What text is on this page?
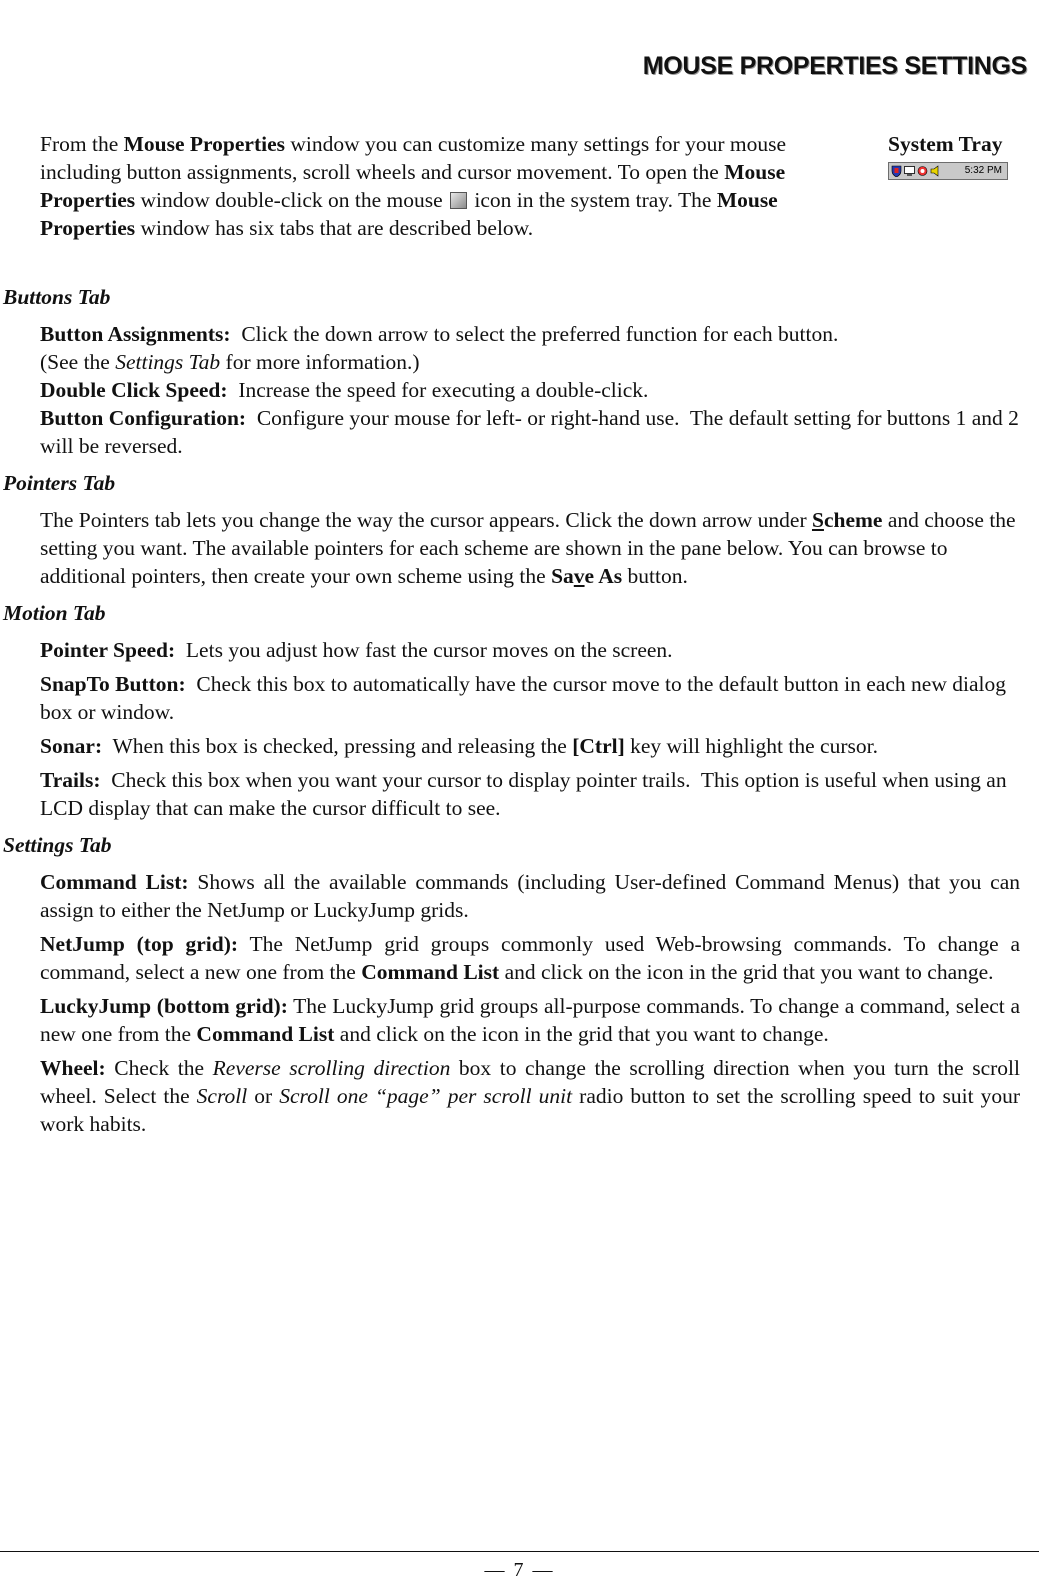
MOUSE PROPERTIES SETTINGS
From the Mouse Properties window you can customize many settings for your mouse including button assignments, scroll wheels and cursor movement. To open the Mouse Properties window double-click on the mouse  icon in the system tray. The Mouse Properties window has six tabs that are described below.
System Tray
5:32 PM
Buttons Tab
Button Assignments:  Click the down arrow to select the preferred function for each button.
(See the Settings Tab for more information.)
Double Click Speed:  Increase the speed for executing a double-click.
Button Configuration:  Configure your mouse for left- or right-hand use.  The default setting for buttons 1 and 2 will be reversed.
Pointers Tab
The Pointers tab lets you change the way the cursor appears. Click the down arrow under Scheme and choose the setting you want. The available pointers for each scheme are shown in the pane below. You can browse to additional pointers, then create your own scheme using the Save As button.
Motion Tab
Pointer Speed:  Lets you adjust how fast the cursor moves on the screen.
SnapTo Button:  Check this box to automatically have the cursor move to the default button in each new dialog box or window.
Sonar:  When this box is checked, pressing and releasing the [Ctrl] key will highlight the cursor.
Trails:  Check this box when you want your cursor to display pointer trails.  This option is useful when using an LCD display that can make the cursor difficult to see.
Settings Tab
Command List: Shows all the available commands (including User-defined Command Menus) that you can assign to either the NetJump or LuckyJump grids.
NetJump (top grid): The NetJump grid groups commonly used Web-browsing commands. To change a command, select a new one from the Command List and click on the icon in the grid that you want to change.
LuckyJump (bottom grid): The LuckyJump grid groups all-purpose commands. To change a command, select a new one from the Command List and click on the icon in the grid that you want to change.
Wheel: Check the Reverse scrolling direction box to change the scrolling direction when you turn the scroll wheel. Select the Scroll or Scroll one “page” per scroll unit radio button to set the scrolling speed to suit your work habits.
— 7 —
